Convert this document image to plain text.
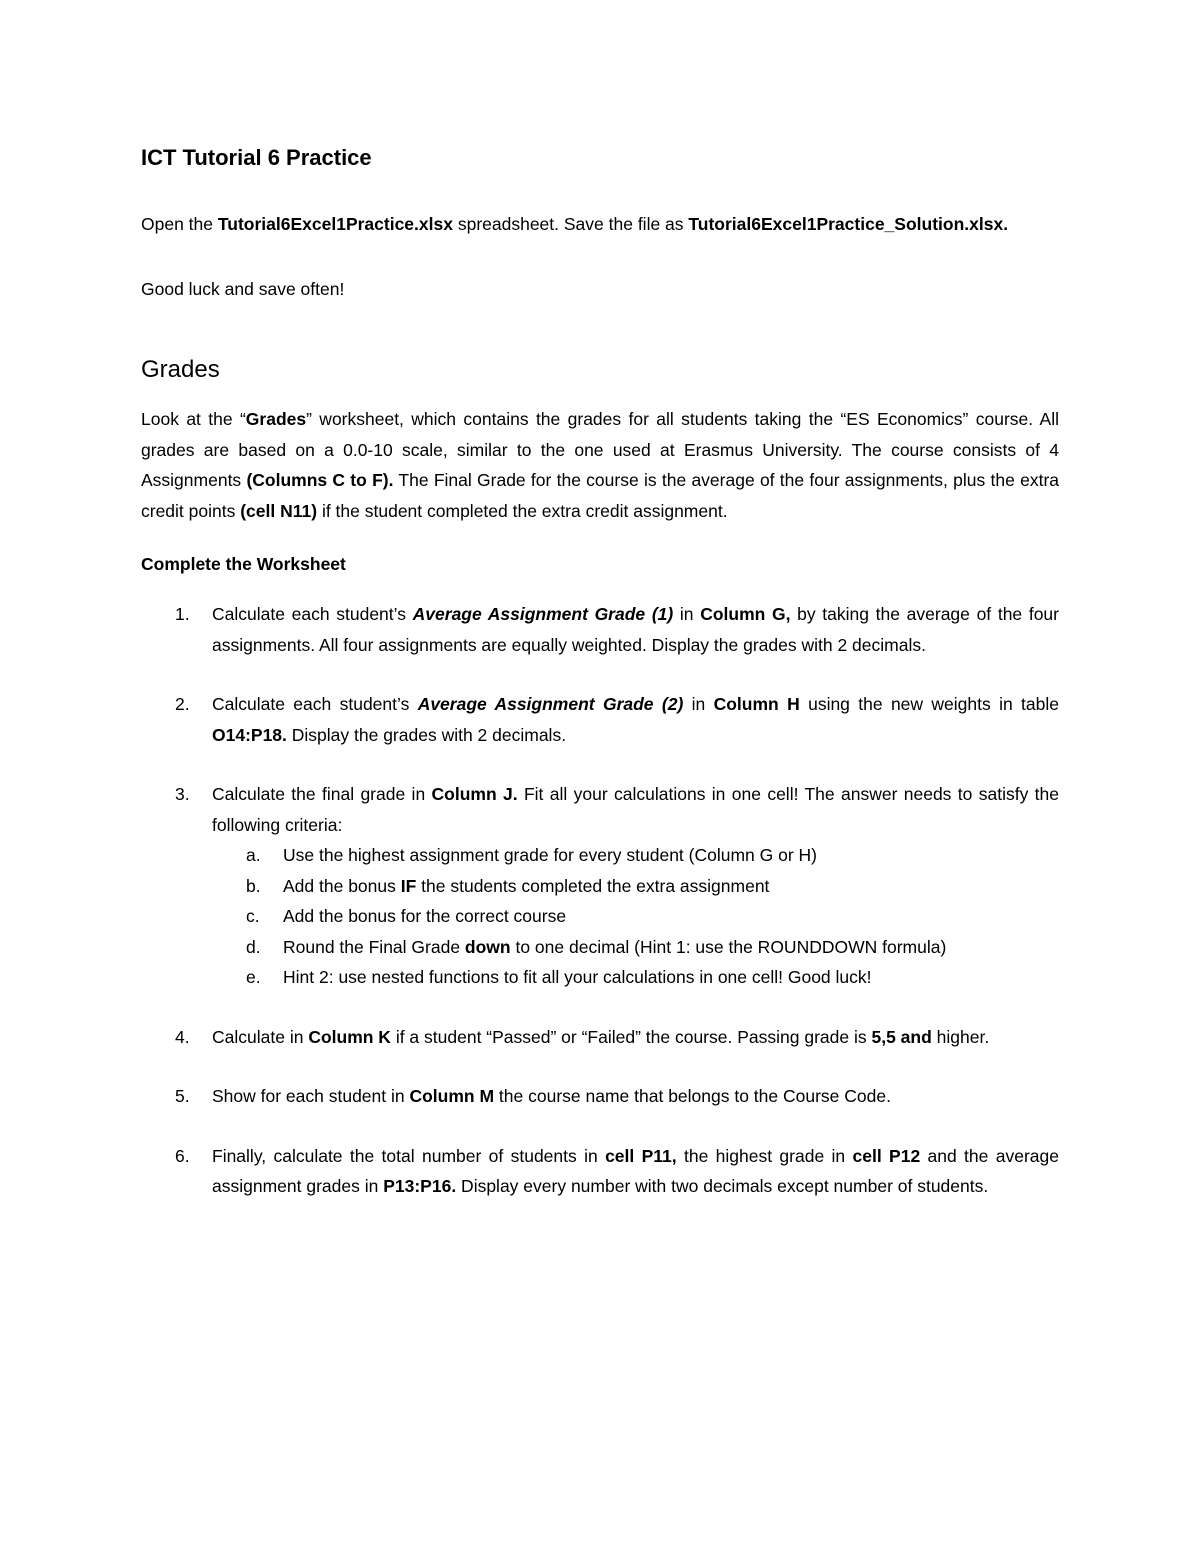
ICT Tutorial 6 Practice

Open the Tutorial6Excel1Practice.xlsx spreadsheet. Save the file as Tutorial6Excel1Practice_Solution.xlsx.

Good luck and save often!

Grades

Look at the “Grades” worksheet, which contains the grades for all students taking the “ES Economics” course. All grades are based on a 0.0-10 scale, similar to the one used at Erasmus University. The course consists of 4 Assignments (Columns C to F). The Final Grade for the course is the average of the four assignments, plus the extra credit points (cell N11) if the student completed the extra credit assignment.

Complete the Worksheet

1. Calculate each student’s Average Assignment Grade (1) in Column G, by taking the average of the four assignments. All four assignments are equally weighted. Display the grades with 2 decimals.
2. Calculate each student’s Average Assignment Grade (2) in Column H using the new weights in table O14:P18. Display the grades with 2 decimals.
3. Calculate the final grade in Column J. Fit all your calculations in one cell! The answer needs to satisfy the following criteria:
a. Use the highest assignment grade for every student (Column G or H)
b. Add the bonus IF the students completed the extra assignment
c. Add the bonus for the correct course
d. Round the Final Grade down to one decimal (Hint 1: use the ROUNDDOWN formula)
e. Hint 2: use nested functions to fit all your calculations in one cell! Good luck!
4. Calculate in Column K if a student “Passed” or “Failed” the course. Passing grade is 5,5 and higher.
5. Show for each student in Column M the course name that belongs to the Course Code.
6. Finally, calculate the total number of students in cell P11, the highest grade in cell P12 and the average assignment grades in P13:P16. Display every number with two decimals except number of students.
